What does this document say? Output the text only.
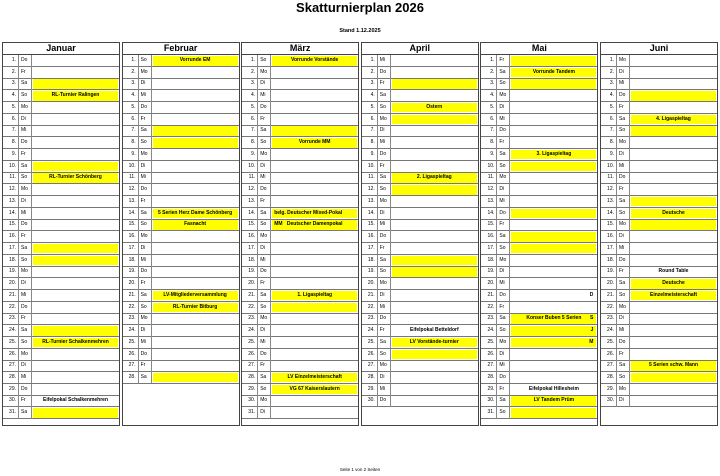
Skatturnierplan 2026
Stand 1.12.2025
Januar
1.	Do
2.	Fr
3.	Sa
4.	So	RL-Turnier Ralingen
5.	Mo
6.	Di
7.	Mi
8.	Do
9.	Fr
10.	Sa
11.	So	RL-Turnier Schönberg
12.	Mo
13.	Di
14.	Mi
15.	Do
16.	Fr
17.	Sa
18.	So
19.	Mo
20.	Di
21.	Mi
22.	Do
23.	Fr
24.	Sa
25.	So	RL-Turnier Schalkenmehren
26.	Mo
27.	Di
28.	Mi
29.	Do
30.	Fr	Eifelpokal Schalkenmehren
31.	Sa
Februar
1.	So	Vorrunde EM
2.	Mo
3.	Di
4.	Mi
5.	Do
6.	Fr
7.	Sa
8.	So
9.	Mo
10.	Di
11.	Mi
12.	Do
13.	Fr
14.	Sa	5 Serien Herz Dame Schönberg
15.	So	Fasnacht
16.	Mo
17.	Di
18.	Mi
19.	Do
20.	Fr
21.	Sa	LV-Mitgliederversammlung
22.	So	RL-Turnier Bitburg
23.	Mo
24.	Di
25.	Mi
26.	Do
27.	Fr
28.	Sa
März
1.	So	Vorrunde Vorstände
2.	Mo
3.	Di
4.	Mi
5.	Do
6.	Fr
7.	Sa
8.	So	Vorrunde MM
9.	Mo
10.	Di
11.	Mi
12.	Do
13.	Fr
14.	Sa	belg. Deutscher Mixed-Pokal
15.	So	MM Deutscher Damenpokal
16.	Mo
17.	Di
18.	Mi
19.	Do
20.	Fr
21.	Sa	1. Ligaspieltag
22.	So
23.	Mo
24.	Di
25.	Mi
26.	Do
27.	Fr
28.	Sa	LV Einzelmeisterschaft
29.	So	VG 67 Kaiserslautern
30.	Mo
31.	Di
April
1.	Mi
2.	Do
3.	Fr
4.	Sa
5.	So	Ostern
6.	Mo
7.	Di
8.	Mi
9.	Do
10.	Fr
11.	Sa	2. Ligaspieltag
12.	So
13.	Mo
14.	Di
15.	Mi
16.	Do
17.	Fr
18.	Sa
19.	So
20.	Mo
21.	Di
22.	Mi
23.	Do
24.	Fr	Eifelpokal Betteldorf
25.	Sa	LV Vorstände-turnier
26.	So
27.	Mo
28.	Di
29.	Mi
30.	Do
Mai
1.	Fr
2.	Sa	Vorrunde Tandem
3.	So
4.	Mo
5.	Di
6.	Mi
7.	Do
8.	Fr
9.	Sa	3. Ligaspieltag
10.	So
11.	Mo
12.	Di
13.	Mi
14.	Do
15.	Fr
16.	Sa
17.	So
18.	Mo
19.	Di
20.	Mi
21.	Do	D
22.	Fr
23.	Sa	Konser Buben 5 Serien S
24.	So	J
25.	Mo	M
26.	Di
27.	Mi
28.	Do
29.	Fr	Eifelpokal Hillesheim
30.	Sa	LV Tandem Prüm
31.	So
Juni
1.	Mo
2.	Di
3.	Mi
4.	Do
5.	Fr
6.	Sa	4. Ligaspieltag
7.	So
8.	Mo
9.	Di
10.	Mi
11.	Do
12.	Fr
13.	Sa
14.	So	Deutsche
15.	Mo
16.	Di
17.	Mi
18.	Do
19.	Fr	Round Table
20.	Sa	Deutsche
21.	So	Einzelmeisterschaft
22.	Mo
23.	Di
24.	Mi
25.	Do
26.	Fr
27.	Sa	5 Serien schw. Mann
28.	So
29.	Mo
30.	Di
Seite 1 von 2 Seiten
